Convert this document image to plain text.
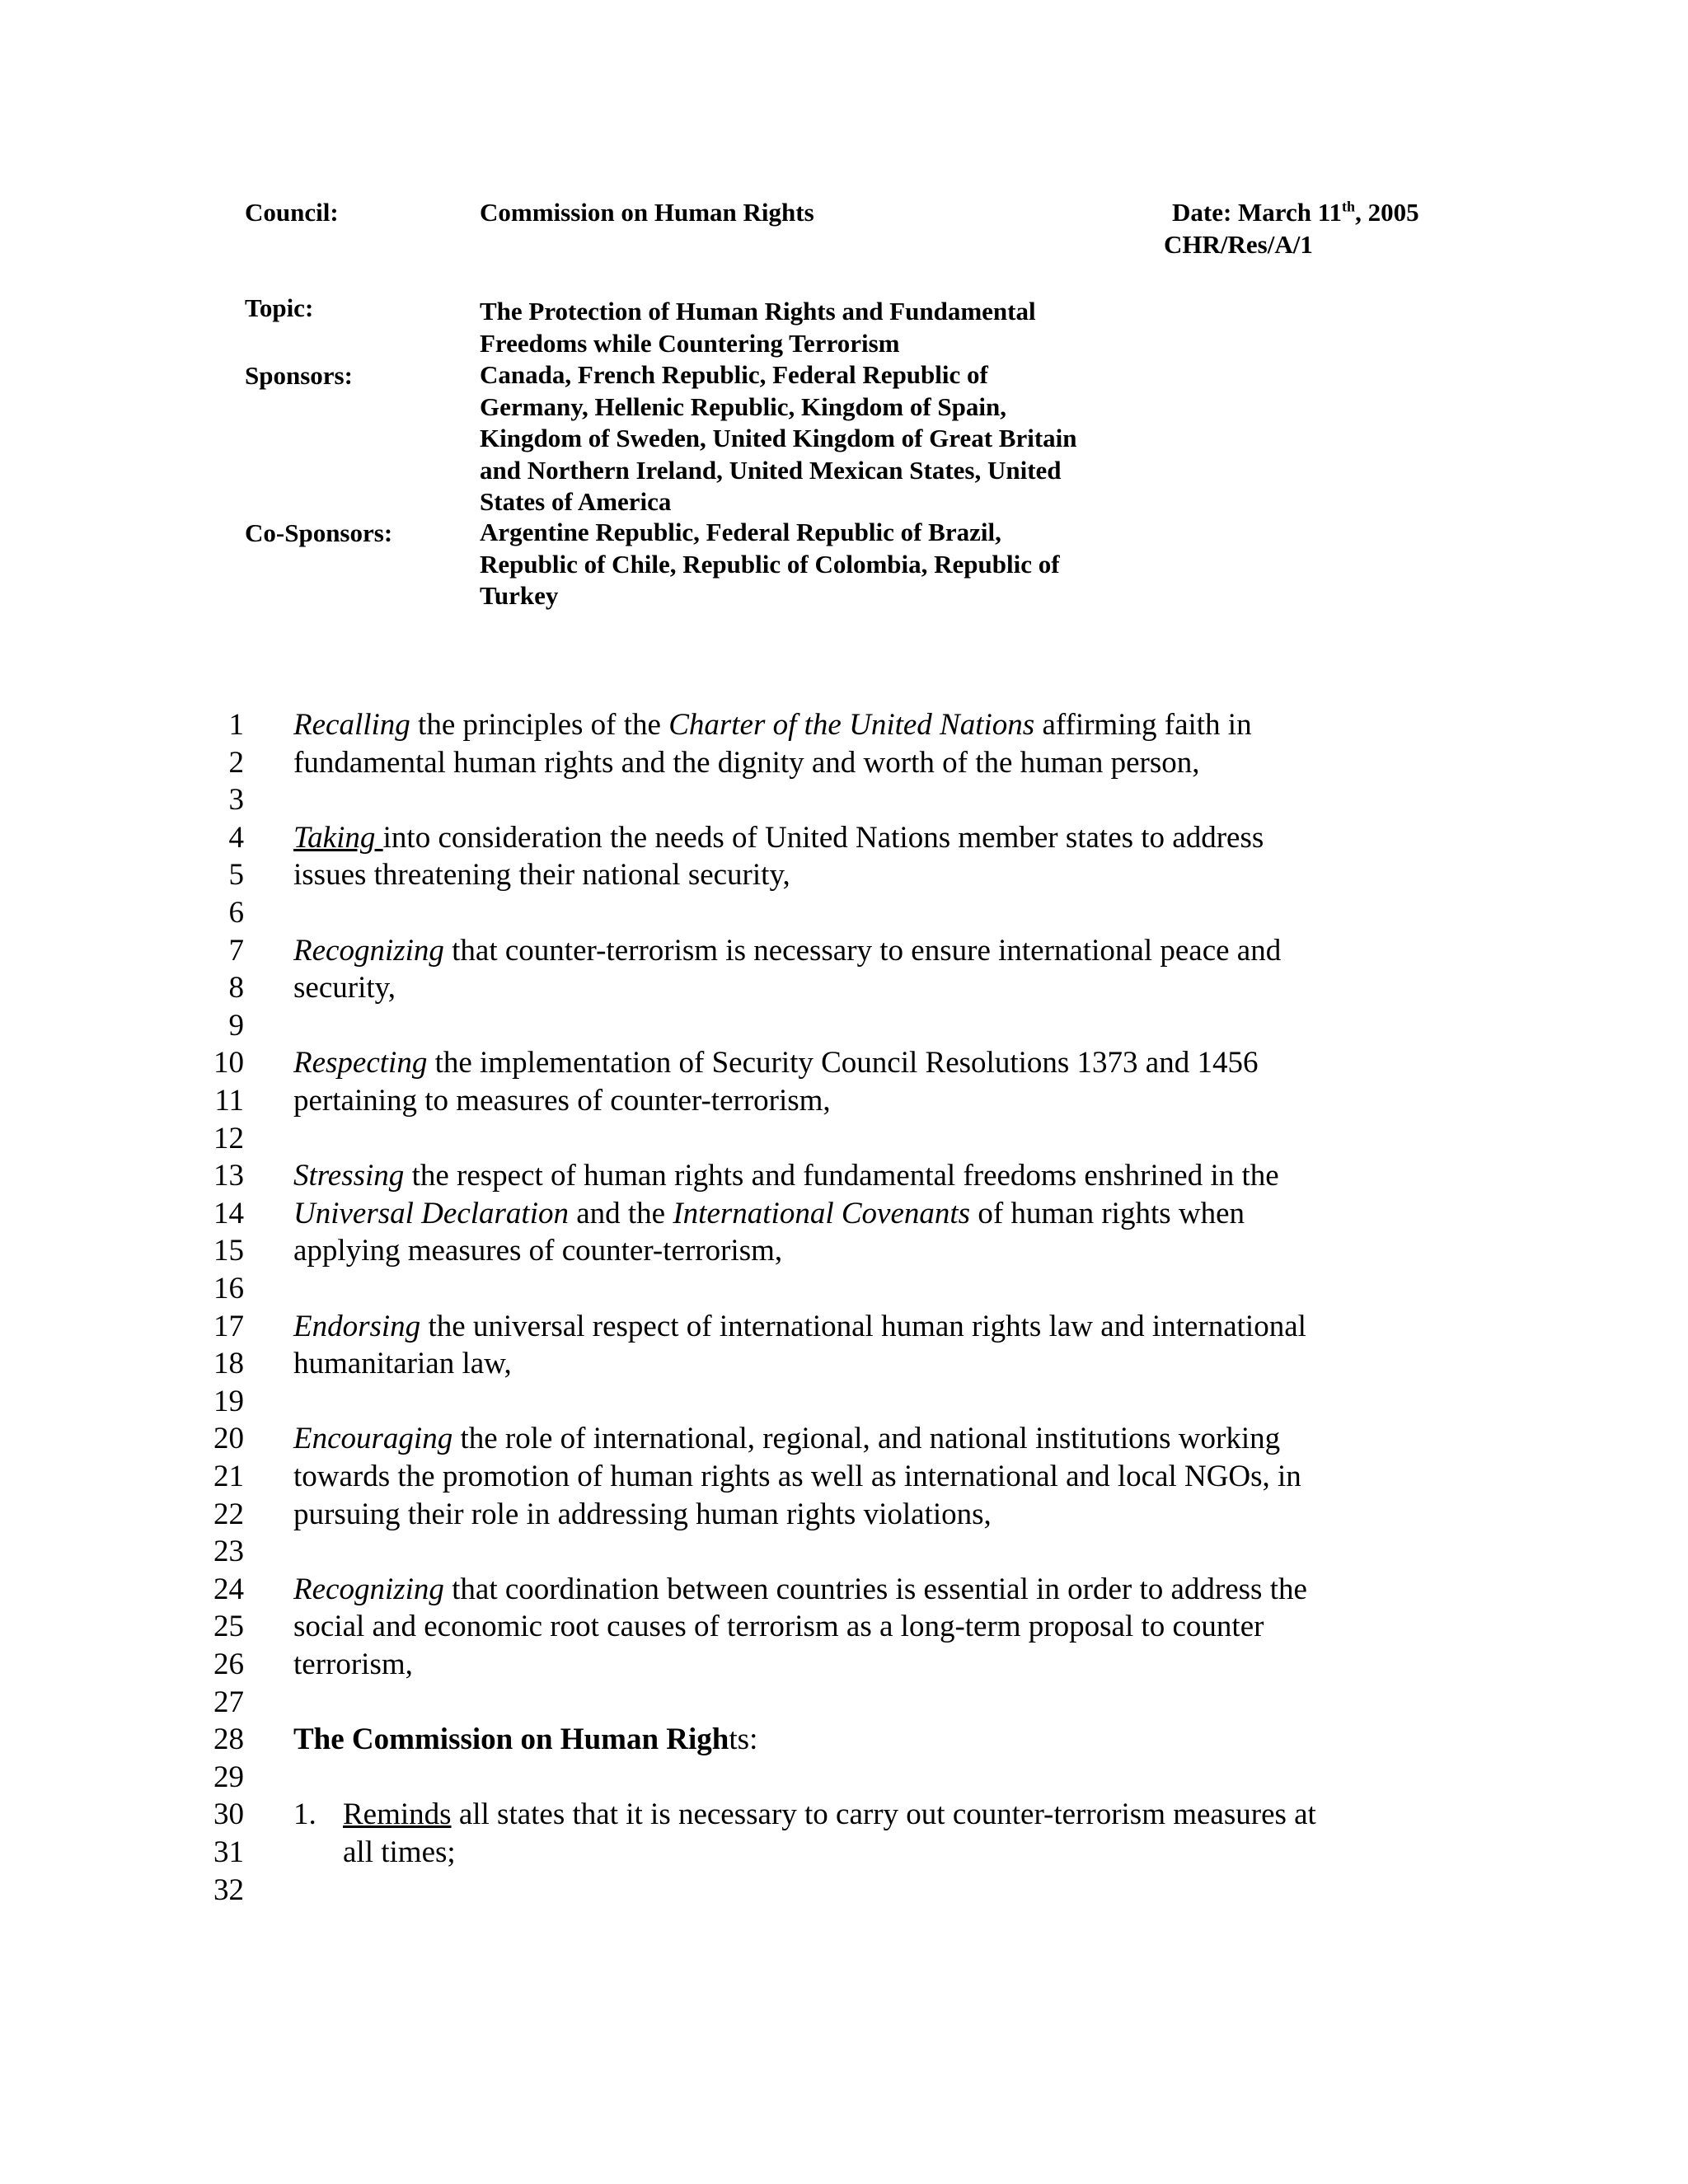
Council:	Commission on Human Rights	Date: March 11th, 2005
CHR/Res/A/1
Topic:	The Protection of Human Rights and Fundamental
Freedoms while Countering Terrorism
Sponsors:	Canada, French Republic, Federal Republic of
Germany, Hellenic Republic, Kingdom of Spain,
Kingdom of Sweden, United Kingdom of Great Britain
and Northern Ireland, United Mexican States, United
States of America
Co-Sponsors:	Argentine Republic, Federal Republic of Brazil,
Republic of Chile, Republic of Colombia, Republic of
Turkey
1 Recalling the principles of the Charter of the United Nations affirming faith in
2 fundamental human rights and the dignity and worth of the human person,
3
4 Taking into consideration the needs of United Nations member states to address
5 issues threatening their national security,
6
7 Recognizing that counter-terrorism is necessary to ensure international peace and
8 security,
9
10 Respecting the implementation of Security Council Resolutions 1373 and 1456
11 pertaining to measures of counter-terrorism,
12
13 Stressing the respect of human rights and fundamental freedoms enshrined in the
14 Universal Declaration and the International Covenants of human rights when
15 applying measures of counter-terrorism,
16
17 Endorsing the universal respect of international human rights law and international
18 humanitarian law,
19
20 Encouraging the role of international, regional, and national institutions working
21 towards the promotion of human rights as well as international and local NGOs, in
22 pursuing their role in addressing human rights violations,
23
24 Recognizing that coordination between countries is essential in order to address the
25 social and economic root causes of terrorism as a long-term proposal to counter
26 terrorism,
27
28 The Commission on Human Rights:
29
30 1. Reminds all states that it is necessary to carry out counter-terrorism measures at
31	all times;
32
